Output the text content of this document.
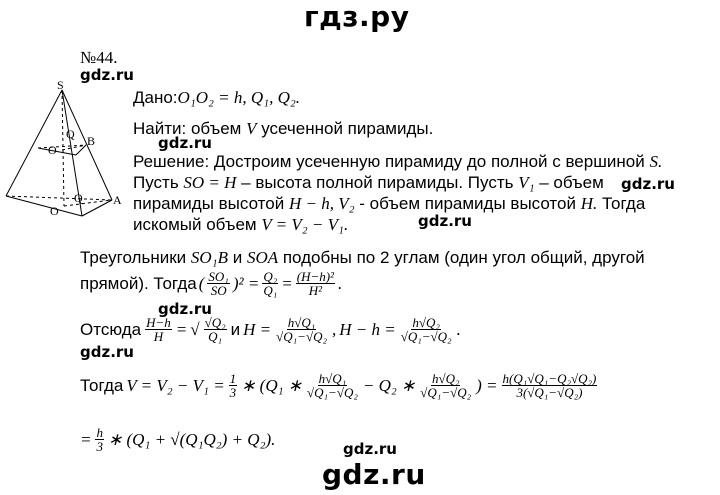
гдз.ру
№44.
gdz.ru
S
Q
O
B
O
Q	A
Дано:O₁O₂ = h, Q₁, Q₂.
Найти: объем V усеченной пирамиды.
gdz.ru
Решение: Достроим усеченную пирамиду до полной с вершиной S.
Пусть SO = H – высота полной пирамиды. Пусть V₁ – объем gdz.ru
пирамиды высотой H − h, V₂ - объем пирамиды высотой H. Тогда
gdz.ru
искомый объем V = V₂ − V₁.
Треугольники SO₁B и SOA подобны по 2 углам (один угол общий, другой
прямой). Тогда ( $\frac{\text{SO₁}}{SO} )^2 = \frac{\text{Q₂}}{\text{Q₁}} = \frac{\text{(H−h)²}}{\text{H²}}$ .
gdz.ru
Отсюда $\frac{H-h}{H}$ = √ $\frac{\text{√Q₂}}{\text{Q₁}}$ и $H = \frac{\text{h√Q₁}}{\text{√Q₁−√Q₂}}$ , $H - h = \frac{\text{h√Q₂}}{\text{√Q₁−√Q₂}}$ .
gdz.ru
Тогда $V = V_2 - V_1 = \frac{1}{3}$ ∗ (Q₁ ∗ $\frac{\text{h√Q₁}}{\text{√Q₁−√Q₂}} - Q_2$ ∗ $\frac{\text{h√Q₂}}{\text{√Q₁−√Q₂}}$ ) = $\frac{\text{h(Q₁√Q₁−Q₂√Q₂)}}{\text{3(√Q₁−√Q₂)}}$
= $\frac{h}{3}$ ∗ (Q₁ + √(Q₁Q₂) + Q₂).
gdz.ru
gdz.ru
